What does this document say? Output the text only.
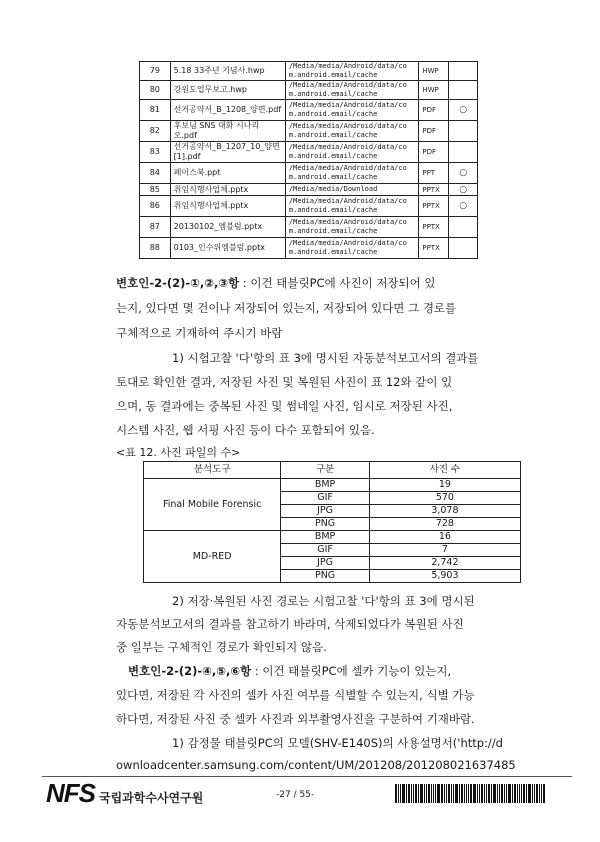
79	5.18 33주년 기념사.hwp	/Media/media/Android/data/co m.android.email/cache	HWP	
80	강원도업무보고.hwp	/Media/media/Android/data/co m.android.email/cache	HWP	
81	선거공약서_B_1208_양면.pdf	/Media/media/Android/data/co m.android.email/cache	PDF	○
82	후보님 SNS 대화 시나리오.pdf	/Media/media/Android/data/co m.android.email/cache	PDF	
83	선거공약서_B_1207_10_양면 [1].pdf	/Media/media/Android/data/co m.android.email/cache	PDF	
84	페이스북.ppt	/Media/media/Android/data/co m.android.email/cache	PPT	○
85	취임식행사업체.pptx	/Media/media/Download	PPTX	○
86	취임식행사업체.pptx	/Media/media/Android/data/co m.android.email/cache	PPTX	○
87	20130102_엠블럼.pptx	/Media/media/Android/data/co m.android.email/cache	PPTX	
88	0103_인수위엠블럼.pptx	/Media/media/Android/data/co m.android.email/cache	PPTX	
변호인-2-(2)-①,②,③항 : 이건 태블릿PC에 사진이 저장되어 있
는지, 있다면 몇 건이나 저장되어 있는지, 저장되어 있다면 그 경로를
구체적으로 기재하여 주시기 바람
1) 시험고찰 '다'항의 표 3에 명시된 자동분석보고서의 결과를
토대로 확인한 결과, 저장된 사진 및 복원된 사진이 표 12와 같이 있
으며, 동 결과에는 중복된 사진 및 썸네일 사진, 임시로 저장된 사진,
시스템 사진, 웹 서핑 사진 등이 다수 포함되어 있음.
<표 12. 사진 파일의 수>
분석도구	구분	사진 수
Final Mobile Forensic	BMP	19
	GIF	570
	JPG	3,078
	PNG	728
MD-RED	BMP	16
	GIF	7
	JPG	2,742
	PNG	5,903
2) 저장·복원된 사진 경로는 시험고찰 '다'항의 표 3에 명시된
자동분석보고서의 결과를 참고하기 바라며, 삭제되었다가 복원된 사진
중 일부는 구체적인 경로가 확인되지 않음.
변호인-2-(2)-④,⑤,⑥항 : 이건 태블릿PC에 셀카 기능이 있는지,
있다면, 저장된 각 사진의 셀카 사진 여부를 식별할 수 있는지, 식별 가능
하다면, 저장된 사진 중 셀카 사진과 외부촬영사진을 구분하여 기재바람.
1) 감정물 태블릿PC의 모델(SHV-E140S)의 사용설명서('http://d
ownloadcenter.samsung.com/content/UM/201208/20120802163748​5
NFS 국립과학수사연구원	-27 / 55-
